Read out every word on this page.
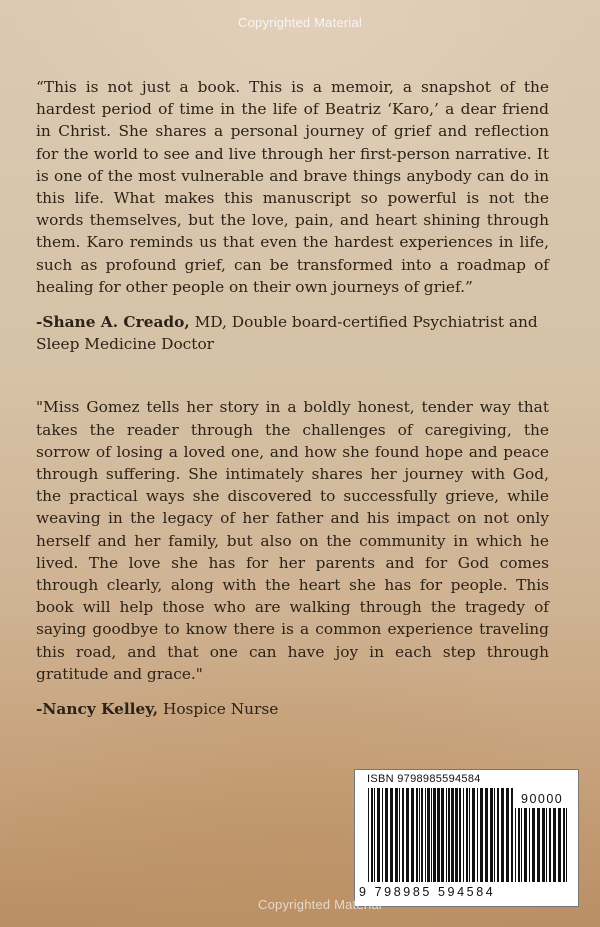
Copyrighted Material

“This is not just a book. This is a memoir, a snapshot of the hardest period of time in the life of Beatriz ‘Karo,’ a dear friend in Christ. She shares a personal journey of grief and reflection for the world to see and live through her first-person narrative. It is one of the most vulnerable and brave things anybody can do in this life. What makes this manuscript so powerful is not the words themselves, but the love, pain, and heart shining through them. Karo reminds us that even the hardest experiences in life, such as profound grief, can be transformed into a roadmap of healing for other people on their own journeys of grief.”

-Shane A. Creado, MD, Double board-certified Psychiatrist and Sleep Medicine Doctor

"Miss Gomez tells her story in a boldly honest, tender way that takes the reader through the challenges of caregiving, the sorrow of losing a loved one, and how she found hope and peace through suffering. She intimately shares her journey with God, the practical ways she discovered to successfully grieve, while weaving in the legacy of her father and his impact on not only herself and her family, but also on the community in which he lived. The love she has for her parents and for God comes through clearly, along with the heart she has for people. This book will help those who are walking through the tragedy of saying goodbye to know there is a common experience traveling this road, and that one can have joy in each step through gratitude and grace."

-Nancy Kelley, Hospice Nurse

ISBN 9798985594584
90000
9 798985 594584
Copyrighted Material
